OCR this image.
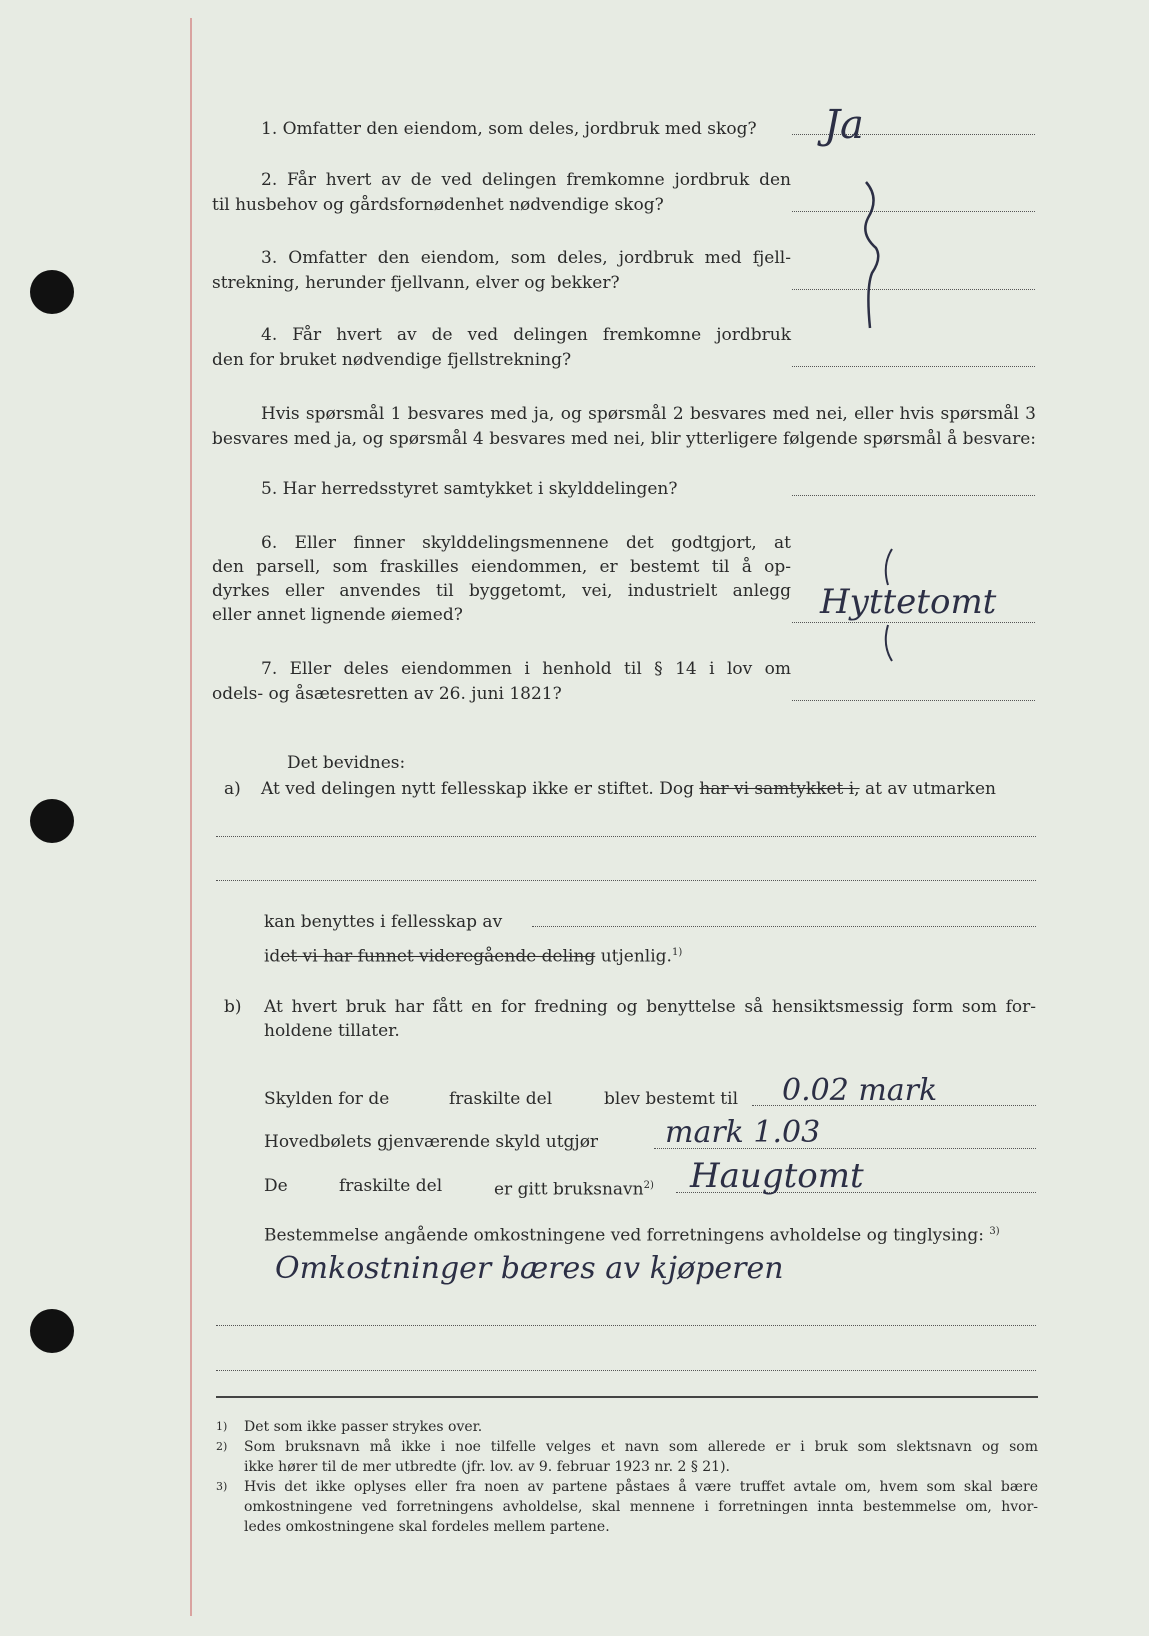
1. Omfatter den eiendom, som deles, jordbruk med skog? Ja
2. Får hvert av de ved delingen fremkomne jordbruk den
til husbehov og gårdsfornødenhet nødvendige skog?
3. Omfatter den eiendom, som deles, jordbruk med fjell-
strekning, herunder fjellvann, elver og bekker?
4. Får hvert av de ved delingen fremkomne jordbruk
den for bruket nødvendige fjellstrekning?
Hvis spørsmål 1 besvares med ja, og spørsmål 2 besvares med nei, eller hvis spørsmål 3
besvares med ja, og spørsmål 4 besvares med nei, blir ytterligere følgende spørsmål å besvare:
5. Har herredsstyret samtykket i skylddelingen?
6. Eller finner skylddelingsmennene det godtgjort, at
den parsell, som fraskilles eiendommen, er bestemt til å op-
dyrkes eller anvendes til byggetomt, vei, industrielt anlegg
eller annet lignende øiemed?	Hyttetomt
7. Eller deles eiendommen i henhold til § 14 i lov om
odels- og åsætesretten av 26. juni 1821?
Det bevidnes:
a) At ved delingen nytt fellesskap ikke er stiftet. Dog har vi samtykket i, at av utmarken
kan benyttes i fellesskap av
idet vi har funnet videregående deling utjenlig.$^{1)}$
b) At hvert bruk har fått en for fredning og benyttelse så hensiktsmessig form som for-
holdene tillater.
Skylden for de	fraskilte del	blev bestemt til 0.02 mark
Hovedbølets gjenværende skyld utgjør mark 1.03
De	fraskilte del	er gitt bruksnavn$^{2)}$ Haugtomt
Bestemmelse angående omkostningene ved forretningens avholdelse og tinglysing: $^{3)}$
Omkostninger bæres av kjøperen
1) Det som ikke passer strykes over.
2)	Som bruksnavn må ikke i noe tilfelle velges et navn som allerede er i bruk som slektsnavn og som
ikke hører til de mer utbredte (jfr. lov. av 9. februar 1923 nr. 2 § 21).
3)	Hvis det ikke oplyses eller fra noen av partene påstaes å være truffet avtale om, hvem som skal bære
omkostningene ved forretningens avholdelse, skal mennene i forretningen innta bestemmelse om, hvor-
ledes omkostningene skal fordeles mellem partene.
